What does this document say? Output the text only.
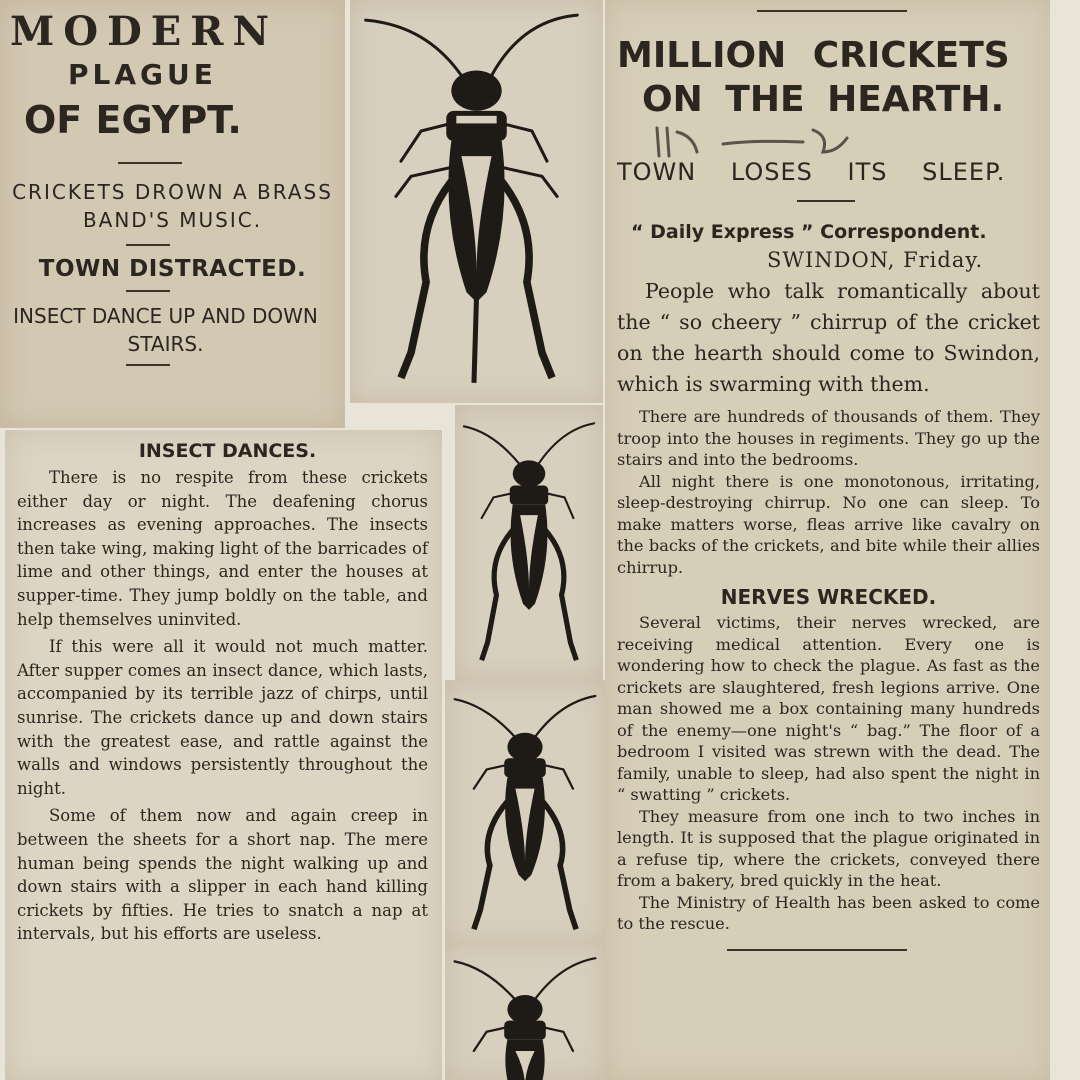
MODERN
PLAGUE
OF EGYPT.
CRICKETS DROWN A BRASS BAND'S MUSIC.
TOWN DISTRACTED.
INSECT DANCE UP AND DOWN STAIRS.
INSECT DANCES.

There is no respite from these crickets either day or night. The deafening chorus increases as evening approaches. The insects then take wing, making light of the barricades of lime and other things, and enter the houses at supper-time. They jump boldly on the table, and help themselves uninvited.

If this were all it would not much matter. After supper comes an insect dance, which lasts, accompanied by its terrible jazz of chirps, until sunrise. The crickets dance up and down stairs with the greatest ease, and rattle against the walls and windows persistently throughout the night.

Some of them now and again creep in between the sheets for a short nap. The mere human being spends the night walking up and down stairs with a slipper in each hand killing crickets by fifties. He tries to snatch a nap at intervals, but his efforts are useless.

MILLION CRICKETS
ON THE HEARTH.
TOWN LOSES ITS SLEEP.
“ Daily Express ” Correspondent.
SWINDON, Friday.

People who talk romantically about the “ so cheery ” chirrup of the cricket on the hearth should come to Swindon, which is swarming with them.

There are hundreds of thousands of them. They troop into the houses in regiments. They go up the stairs and into the bedrooms.

All night there is one monotonous, irritating, sleep-destroying chirrup. No one can sleep. To make matters worse, fleas arrive like cavalry on the backs of the crickets, and bite while their allies chirrup.

NERVES WRECKED.

Several victims, their nerves wrecked, are receiving medical attention. Every one is wondering how to check the plague. As fast as the crickets are slaughtered, fresh legions arrive. One man showed me a box containing many hundreds of the enemy—one night's “ bag.” The floor of a bedroom I visited was strewn with the dead. The family, unable to sleep, had also spent the night in “ swatting ” crickets.

They measure from one inch to two inches in length. It is supposed that the plague originated in a refuse tip, where the crickets, conveyed there from a bakery, bred quickly in the heat.

The Ministry of Health has been asked to come to the rescue.
